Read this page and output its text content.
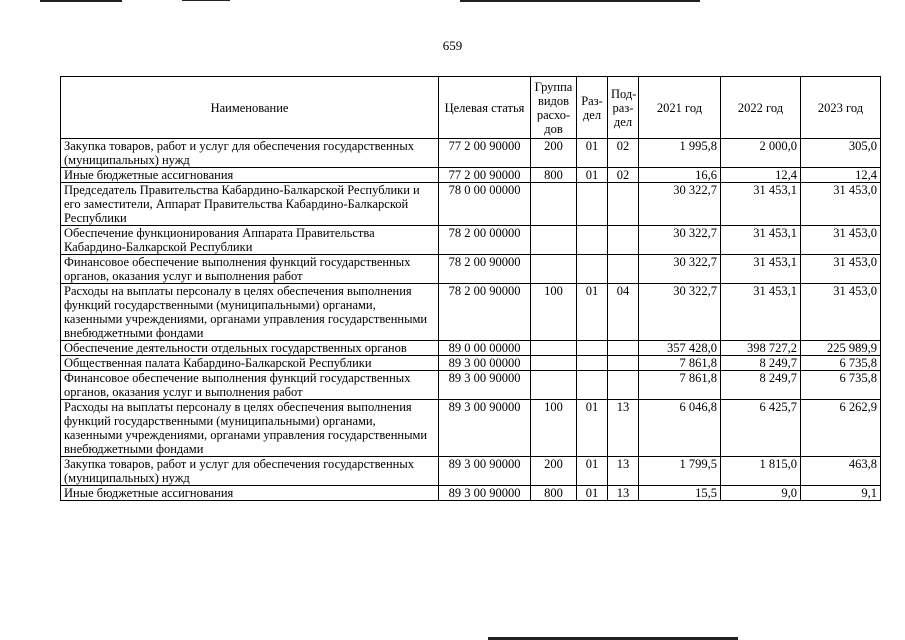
659
Наименование	Целевая статья	Группа видов расхо-дов	Раз-дел	Под-раз-дел	2021 год	2022 год	2023 год
Закупка товаров, работ и услуг для обеспечения государственных (муниципальных) нужд	77 2 00 90000	200	01	02	1 995,8	2 000,0	305,0
Иные бюджетные ассигнования	77 2 00 90000	800	01	02	16,6	12,4	12,4
Председатель Правительства Кабардино-Балкарской Республики и его заместители, Аппарат Правительства Кабардино-Балкарской Республики	78 0 00 00000				30 322,7	31 453,1	31 453,0
Обеспечение функционирования Аппарата Правительства Кабардино-Балкарской Республики	78 2 00 00000				30 322,7	31 453,1	31 453,0
Финансовое обеспечение выполнения функций государственных органов, оказания услуг и выполнения работ	78 2 00 90000				30 322,7	31 453,1	31 453,0
Расходы на выплаты персоналу в целях обеспечения выполнения функций государственными (муниципальными) органами, казенными учреждениями, органами управления государственными внебюджетными фондами	78 2 00 90000	100	01	04	30 322,7	31 453,1	31 453,0
Обеспечение деятельности отдельных государственных органов	89 0 00 00000				357 428,0	398 727,2	225 989,9
Общественная палата Кабардино-Балкарской Республики	89 3 00 00000				7 861,8	8 249,7	6 735,8
Финансовое обеспечение выполнения функций государственных органов, оказания услуг и выполнения работ	89 3 00 90000				7 861,8	8 249,7	6 735,8
Расходы на выплаты персоналу в целях обеспечения выполнения функций государственными (муниципальными) органами, казенными учреждениями, органами управления государственными внебюджетными фондами	89 3 00 90000	100	01	13	6 046,8	6 425,7	6 262,9
Закупка товаров, работ и услуг для обеспечения государственных (муниципальных) нужд	89 3 00 90000	200	01	13	1 799,5	1 815,0	463,8
Иные бюджетные ассигнования	89 3 00 90000	800	01	13	15,5	9,0	9,1
